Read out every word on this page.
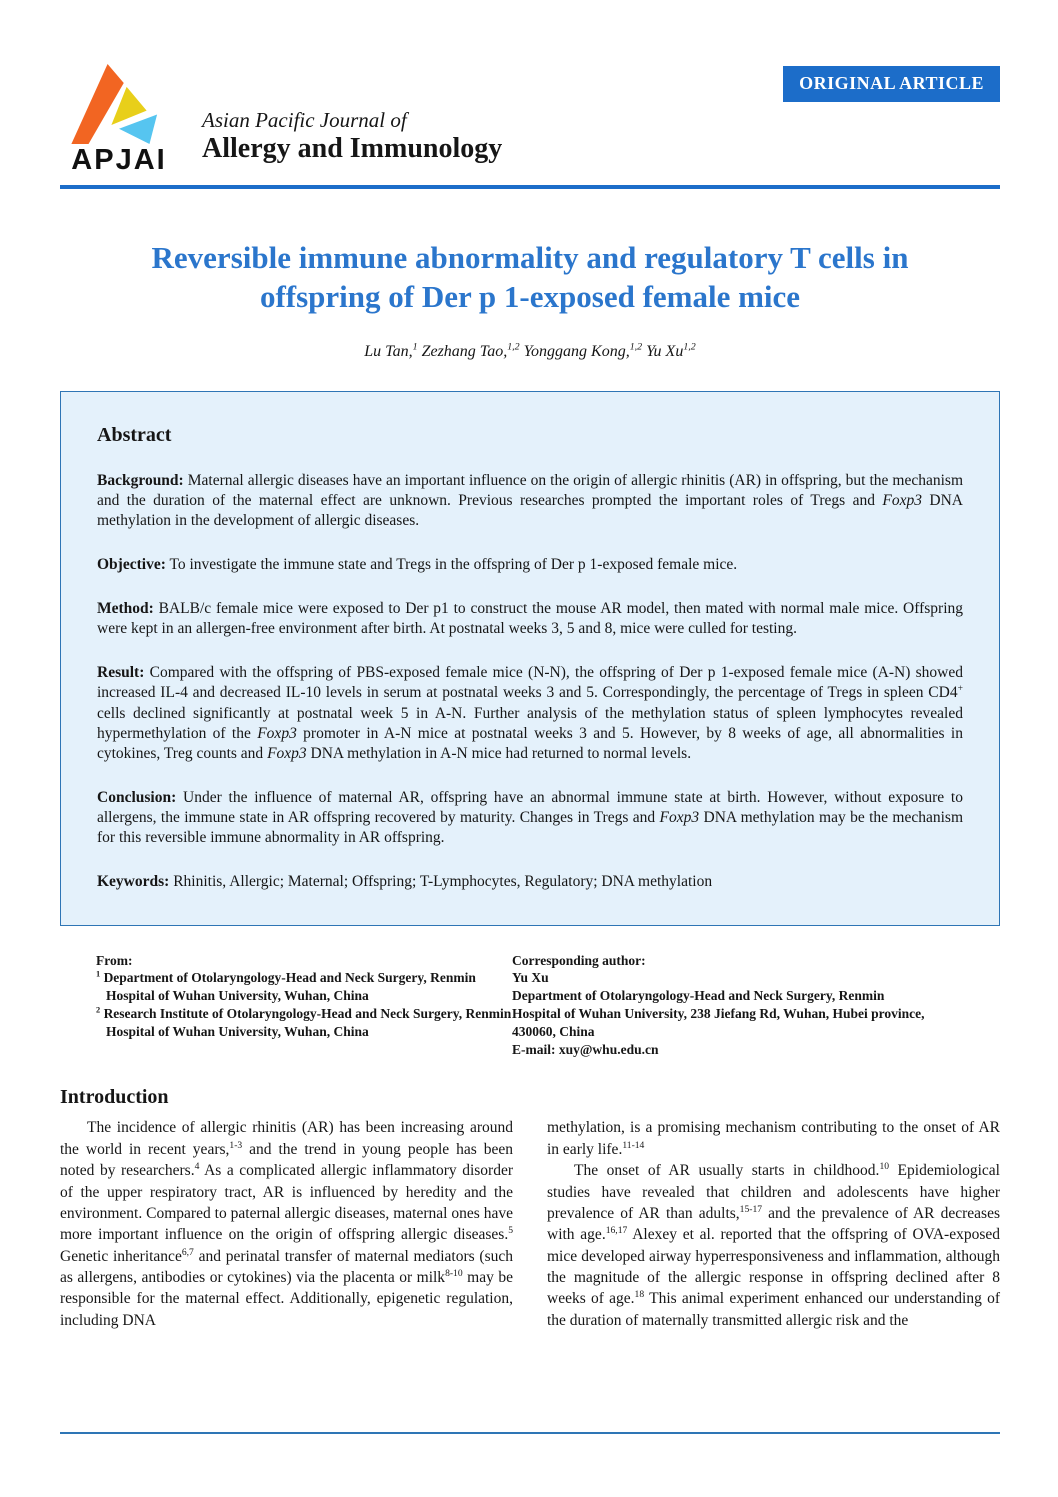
APJAI
Asian Pacific Journal of
Allergy and Immunology
ORIGINAL ARTICLE
Reversible immune abnormality and regulatory T cells in offspring of Der p 1-exposed female mice
Lu Tan,$^1$ Zezhang Tao,$^{1,2}$ Yonggang Kong,$^{1,2}$ Yu Xu$^{1,2}$
Abstract

Background: Maternal allergic diseases have an important influence on the origin of allergic rhinitis (AR) in offspring, but the mechanism and the duration of the maternal effect are unknown. Previous researches prompted the important roles of Tregs and Foxp3 DNA methylation in the development of allergic diseases.

Objective: To investigate the immune state and Tregs in the offspring of Der p 1-exposed female mice.

Method: BALB/c female mice were exposed to Der p1 to construct the mouse AR model, then mated with normal male mice. Offspring were kept in an allergen-free environment after birth. At postnatal weeks 3, 5 and 8, mice were culled for testing.

Result: Compared with the offspring of PBS-exposed female mice (N-N), the offspring of Der p 1-exposed female mice (A-N) showed increased IL-4 and decreased IL-10 levels in serum at postnatal weeks 3 and 5. Correspondingly, the percentage of Tregs in spleen CD4+ cells declined significantly at postnatal week 5 in A-N. Further analysis of the methylation status of spleen lymphocytes revealed hypermethylation of the Foxp3 promoter in A-N mice at postnatal weeks 3 and 5. However, by 8 weeks of age, all abnormalities in cytokines, Treg counts and Foxp3 DNA methylation in A-N mice had returned to normal levels.

Conclusion: Under the influence of maternal AR, offspring have an abnormal immune state at birth. However, without exposure to allergens, the immune state in AR offspring recovered by maturity. Changes in Tregs and Foxp3 DNA methylation may be the mechanism for this reversible immune abnormality in AR offspring.

Keywords: Rhinitis, Allergic; Maternal; Offspring; T-Lymphocytes, Regulatory; DNA methylation

From:
$^1$ Department of Otolaryngology-Head and Neck Surgery, Renmin Hospital of Wuhan University, Wuhan, China
$^2$ Research Institute of Otolaryngology-Head and Neck Surgery, Renmin Hospital of Wuhan University, Wuhan, China
Corresponding author:
Yu Xu
Department of Otolaryngology-Head and Neck Surgery, Renmin
Hospital of Wuhan University, 238 Jiefang Rd, Wuhan, Hubei province,
430060, China
E-mail: xuy@whu.edu.cn
Introduction

The incidence of allergic rhinitis (AR) has been increasing around the world in recent years,$^{1-3}$ and the trend in young people has been noted by researchers.$^4$ As a complicated allergic inflammatory disorder of the upper respiratory tract, AR is influenced by heredity and the environment. Compared to paternal allergic diseases, maternal ones have more important influence on the origin of offspring allergic diseases.$^5$ Genetic inheritance$^{6,7}$ and perinatal transfer of maternal mediators (such as allergens, antibodies or cytokines) via the placenta or milk$^{8-10}$ may be responsible for the maternal effect. Additionally, epigenetic regulation, including DNA

methylation, is a promising mechanism contributing to the onset of AR in early life.$^{11-14}$

The onset of AR usually starts in childhood.$^{10}$ Epidemiological studies have revealed that children and adolescents have higher prevalence of AR than adults,$^{15-17}$ and the prevalence of AR decreases with age.$^{16,17}$ Alexey et al. reported that the offspring of OVA-exposed mice developed airway hyperresponsiveness and inflammation, although the magnitude of the allergic response in offspring declined after 8 weeks of age.$^{18}$ This animal experiment enhanced our understanding of the duration of maternally transmitted allergic risk and the
